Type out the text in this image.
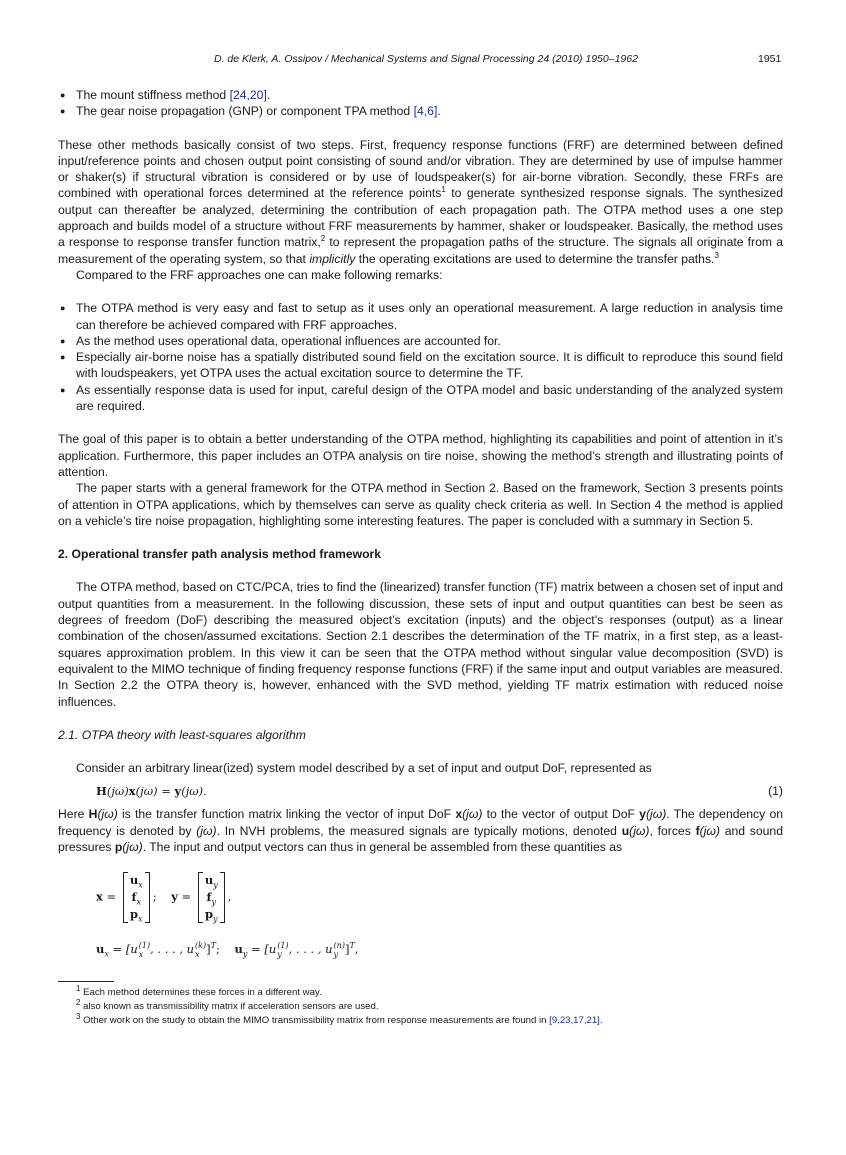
D. de Klerk, A. Ossipov / Mechanical Systems and Signal Processing 24 (2010) 1950–1962	1951
● The mount stiffness method [24,20].
● The gear noise propagation (GNP) or component TPA method [4,6].
These other methods basically consist of two steps. First, frequency response functions (FRF) are determined between defined input/reference points and chosen output point consisting of sound and/or vibration. They are determined by use of impulse hammer or shaker(s) if structural vibration is considered or by use of loudspeaker(s) for air-borne vibration. Secondly, these FRFs are combined with operational forces determined at the reference points$^1$ to generate synthesized response signals. The synthesized output can thereafter be analyzed, determining the contribution of each propagation path. The OTPA method uses a one step approach and builds model of a structure without FRF measurements by hammer, shaker or loudspeaker. Basically, the method uses a response to response transfer function matrix,$^2$ to represent the propagation paths of the structure. The signals all originate from a measurement of the operating system, so that implicitly the operating excitations are used to determine the transfer paths.$^3$
Compared to the FRF approaches one can make following remarks:
● The OTPA method is very easy and fast to setup as it uses only an operational measurement. A large reduction in analysis time can therefore be achieved compared with FRF approaches.
● As the method uses operational data, operational influences are accounted for.
● Especially air-borne noise has a spatially distributed sound field on the excitation source. It is difficult to reproduce this sound field with loudspeakers, yet OTPA uses the actual excitation source to determine the TF.
● As essentially response data is used for input, careful design of the OTPA model and basic understanding of the analyzed system are required.
The goal of this paper is to obtain a better understanding of the OTPA method, highlighting its capabilities and point of attention in it’s application. Furthermore, this paper includes an OTPA analysis on tire noise, showing the method’s strength and illustrating points of attention.
The paper starts with a general framework for the OTPA method in Section 2. Based on the framework, Section 3 presents points of attention in OTPA applications, which by themselves can serve as quality check criteria as well. In Section 4 the method is applied on a vehicle’s tire noise propagation, highlighting some interesting features. The paper is concluded with a summary in Section 5.
2. Operational transfer path analysis method framework
The OTPA method, based on CTC/PCA, tries to find the (linearized) transfer function (TF) matrix between a chosen set of input and output quantities from a measurement. In the following discussion, these sets of input and output quantities can best be seen as degrees of freedom (DoF) describing the measured object’s excitation (inputs) and the object’s responses (output) as a linear combination of the chosen/assumed excitations. Section 2.1 describes the determination of the TF matrix, in a first step, as a least-squares approximation problem. In this view it can be seen that the OTPA method without singular value decomposition (SVD) is equivalent to the MIMO technique of finding frequency response functions (FRF) if the same input and output variables are measured. In Section 2.2 the OTPA theory is, however, enhanced with the SVD method, yielding TF matrix estimation with reduced noise influences.
2.1. OTPA theory with least-squares algorithm
Consider an arbitrary linear(ized) system model described by a set of input and output DoF, represented as
H(jω)x(jω) = y(jω).	(1)
Here H(jω) is the transfer function matrix linking the vector of input DoF x(jω) to the vector of output DoF y(jω). The dependency on frequency is denoted by (jω). In NVH problems, the measured signals are typically motions, denoted u(jω), forces f(jω) and sound pressures p(jω). The input and output vectors can thus in general be assembled from these quantities as
x =
$u_x$
$f_x$
$p_x$
; y =
$u_y$
$f_y$
$p_y$
,
$u_x = [u$ (1)
x , . . . , u (k)
x ]$^T$; $u_y = [u$ (1)
y , . . . , u (n)
y ]$^T$,
$^1$ Each method determines these forces in a different way.
$^2$ also known as transmissibility matrix if acceleration sensors are used.
$^3$ Other work on the study to obtain the MIMO transmissibility matrix from response measurements are found in [9,23,17,21].
